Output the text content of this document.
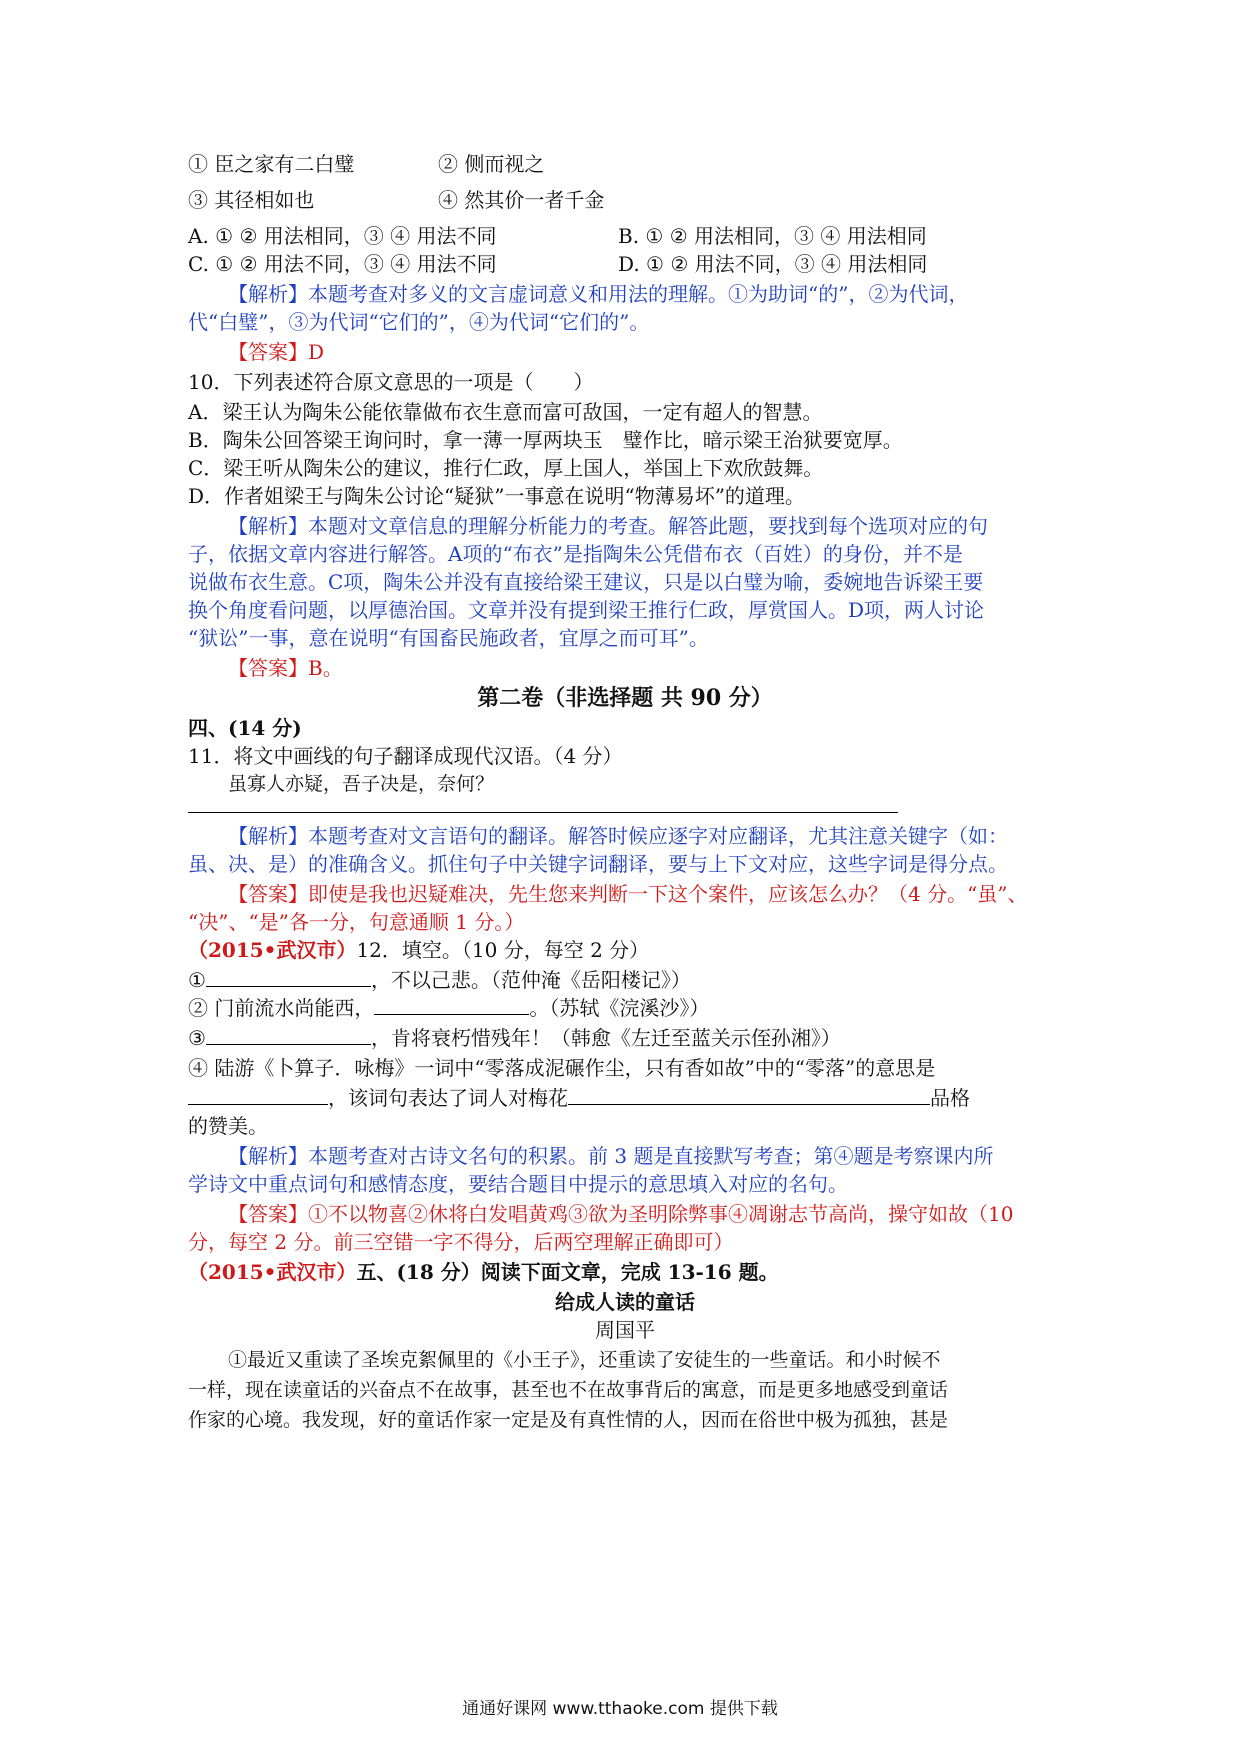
① 臣之家有二白璧	② 侧而视之
③ 其径相如也	④ 然其价一者千金
A. ① ② 用法相同，③ ④ 用法不同	B. ① ② 用法相同，③ ④ 用法相同
C. ① ② 用法不同，③ ④ 用法不同	D. ① ② 用法不同，③ ④ 用法相同
【解析】本题考查对多义的文言虚词意义和用法的理解。①为助词“的”，②为代词，
代“白璧”，③为代词“它们的”，④为代词“它们的”。
【答案】D
10．下列表述符合原文意思的一项是（　　）
A．梁王认为陶朱公能依靠做布衣生意而富可敌国，一定有超人的智慧。
B．陶朱公回答梁王询问时，拿一薄一厚两块玉　璧作比，暗示梁王治狱要宽厚。
C．梁王听从陶朱公的建议，推行仁政，厚上国人，举国上下欢欣鼓舞。
D．作者姐梁王与陶朱公讨论“疑狱”一事意在说明“物薄易坏”的道理。
【解析】本题对文章信息的理解分析能力的考查。解答此题，要找到每个选项对应的句
子，依据文章内容进行解答。A项的“布衣”是指陶朱公凭借布衣（百姓）的身份，并不是
说做布衣生意。C项，陶朱公并没有直接给梁王建议，只是以白璧为喻，委婉地告诉梁王要
换个角度看问题，以厚德治国。文章并没有提到梁王推行仁政，厚赏国人。D项，两人讨论
“狱讼”一事，意在说明“有国畜民施政者，宜厚之而可耳”。
【答案】B。
第二卷（非选择题 共 90 分）
四、(14 分)
11．将文中画线的句子翻译成现代汉语。（4 分）
虽寡人亦疑，吾子决是，奈何？
【解析】本题考查对文言语句的翻译。解答时候应逐字对应翻译，尤其注意关键字（如：
虽、决、是）的准确含义。抓住句子中关键字词翻译，要与上下文对应，这些字词是得分点。
【答案】即使是我也迟疑难决，先生您来判断一下这个案件，应该怎么办？（4 分。“虽”、
“决”、“是”各一分，句意通顺 1 分。）
（2015•武汉市）12．填空。（10 分，每空 2 分）
①	，不以己悲。（范仲淹《岳阳楼记》）
② 门前流水尚能西，	。（苏轼《浣溪沙》）
③	，肯将衰朽惜残年！（韩愈《左迁至蓝关示侄孙湘》）
④ 陆游《卜算子．咏梅》一词中“零落成泥碾作尘，只有香如故”中的“零落”的意思是
，该词句表达了词人对梅花	品格
的赞美。
【解析】本题考查对古诗文名句的积累。前 3 题是直接默写考查；第④题是考察课内所
学诗文中重点词句和感情态度，要结合题目中提示的意思填入对应的名句。
【答案】①不以物喜②休将白发唱黄鸡③欲为圣明除弊事④凋谢志节高尚，操守如故（10
分，每空 2 分。前三空错一字不得分，后两空理解正确即可）
（2015•武汉市）五、(18 分）阅读下面文章，完成 13-16 题。
给成人读的童话
周国平
①最近又重读了圣埃克絮佩里的《小王子》，还重读了安徒生的一些童话。和小时候不
一样，现在读童话的兴奋点不在故事，甚至也不在故事背后的寓意，而是更多地感受到童话
作家的心境。我发现，好的童话作家一定是及有真性情的人，因而在俗世中极为孤独，甚是
通通好课网 www.tthaoke.com 提供下载
